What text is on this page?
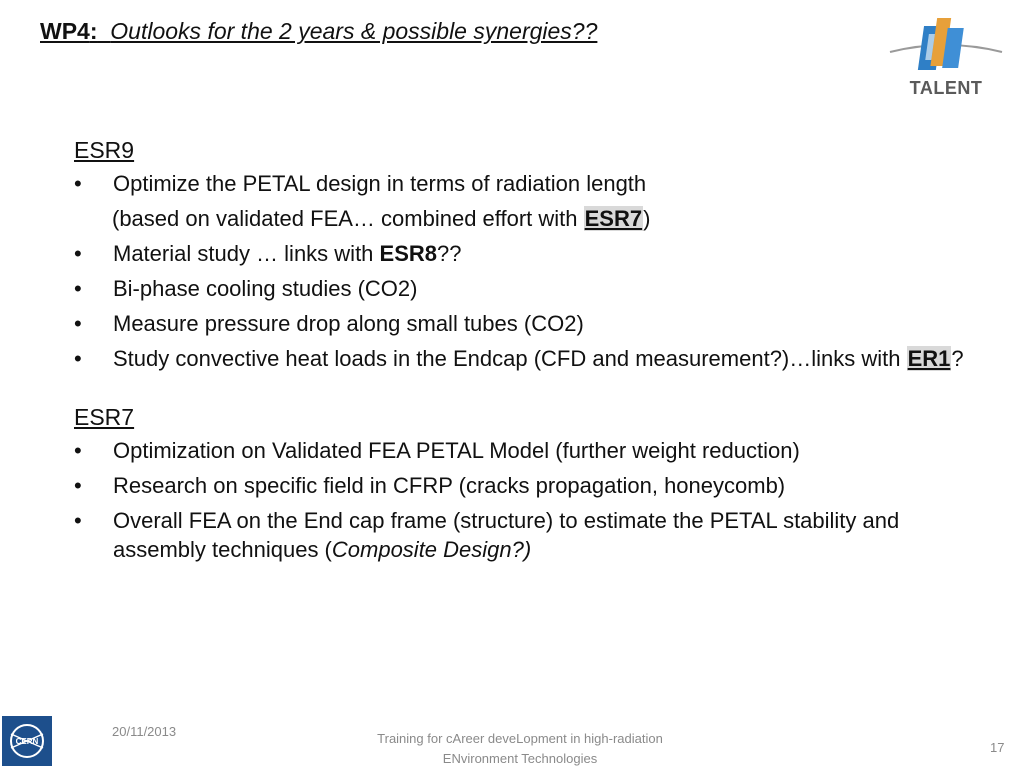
WP4: Outlooks for the 2 years & possible synergies??
TALENT
ESR9
• Optimize the PETAL design in terms of radiation length
(based on validated FEA… combined effort with ESR7)
• Material study … links with ESR8??
• Bi-phase cooling studies (CO2)
• Measure pressure drop along small tubes (CO2)
• Study convective heat loads in the Endcap (CFD and measurement?)…links with ER1?
ESR7
• Optimization on Validated FEA PETAL Model (further weight reduction)
• Research on specific field in CFRP (cracks propagation, honeycomb)
• Overall FEA on the End cap frame (structure) to estimate the PETAL stability and assembly techniques (Composite Design?)
CERN
20/11/2013	Training for cAreer deveLopment in high-radiation
ENvironment Technologies
17
